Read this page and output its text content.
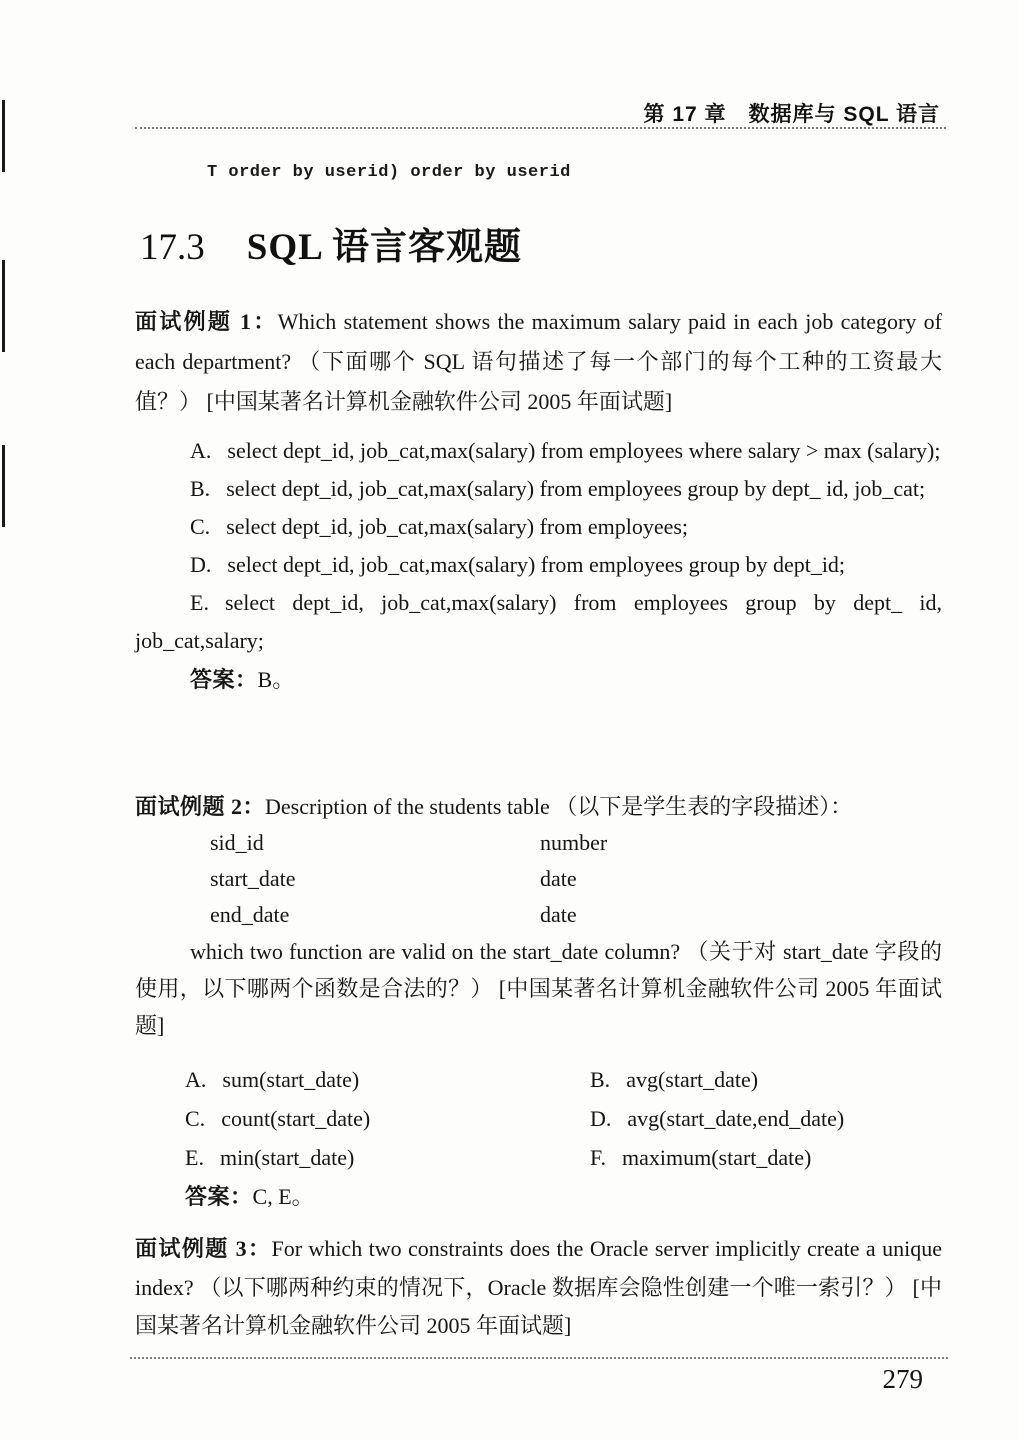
第 17 章　数据库与 SQL 语言
T order by userid) order by userid
17.3 SQL 语言客观题

面试例题 1：Which statement shows the maximum salary paid in each job category of each department? （下面哪个 SQL 语句描述了每一个部门的每个工种的工资最大值？） [中国某著名计算机金融软件公司 2005 年面试题]

A. select dept_id, job_cat,max(salary) from employees where salary > max (salary);

B. select dept_id, job_cat,max(salary) from employees group by dept_ id, job_cat;

C. select dept_id, job_cat,max(salary) from employees;

D. select dept_id, job_cat,max(salary) from employees group by dept_id;

E. select dept_id, job_cat,max(salary) from employees group by dept_ id, job_cat,salary;

答案：B。

面试例题 2：Description of the students table （以下是学生表的字段描述）：

sid_id	number
start_date	date
end_date	date

which two function are valid on the start_date column? （关于对 start_date 字段的使用，以下哪两个函数是合法的？） [中国某著名计算机金融软件公司 2005 年面试题]

A. sum(start_date)	B. avg(start_date)
C. count(start_date)	D. avg(start_date,end_date)
E. min(start_date)	F. maximum(start_date)

答案：C, E。

面试例题 3：For which two constraints does the Oracle server implicitly create a unique index? （以下哪两种约束的情况下，Oracle 数据库会隐性创建一个唯一索引？） [中国某著名计算机金融软件公司 2005 年面试题]

279
